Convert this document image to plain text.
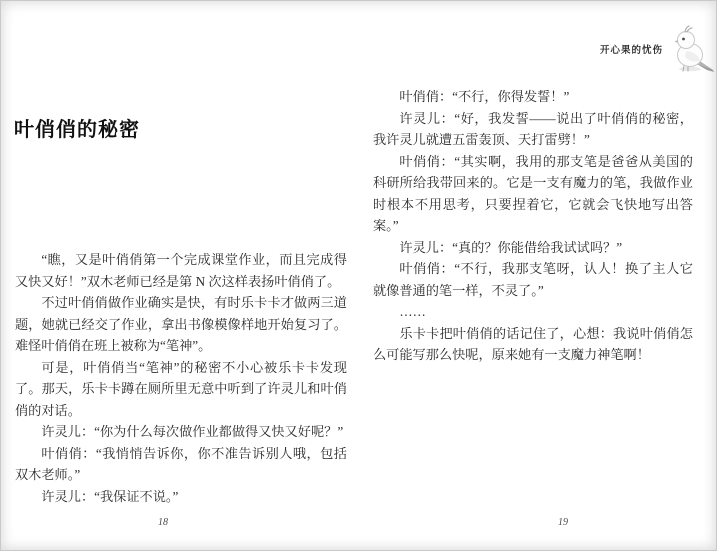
开心果的忧伤
叶俏俏的秘密

“瞧，又是叶俏俏第一个完成课堂作业，而且完成得又快又好！”双木老师已经是第 N 次这样表扬叶俏俏了。

不过叶俏俏做作业确实是快，有时乐卡卡才做两三道题，她就已经交了作业，拿出书像模像样地开始复习了。难怪叶俏俏在班上被称为“笔神”。

可是，叶俏俏当“笔神”的秘密不小心被乐卡卡发现了。那天，乐卡卡蹲在厕所里无意中听到了许灵儿和叶俏俏的对话。

许灵儿：“你为什么每次做作业都做得又快又好呢？”

叶俏俏：“我悄悄告诉你，你不准告诉别人哦，包括双木老师。”

许灵儿：“我保证不说。”

18

叶俏俏：“不行，你得发誓！”

许灵儿：“好，我发誓——说出了叶俏俏的秘密，我许灵儿就遭五雷轰顶、天打雷劈！”

叶俏俏：“其实啊，我用的那支笔是爸爸从美国的科研所给我带回来的。它是一支有魔力的笔，我做作业时根本不用思考，只要捏着它，它就会飞快地写出答案。”

许灵儿：“真的？你能借给我试试吗？”

叶俏俏：“不行，我那支笔呀，认人！换了主人它就像普通的笔一样，不灵了。”

……

乐卡卡把叶俏俏的话记住了，心想：我说叶俏俏怎么可能写那么快呢，原来她有一支魔力神笔啊！

19
